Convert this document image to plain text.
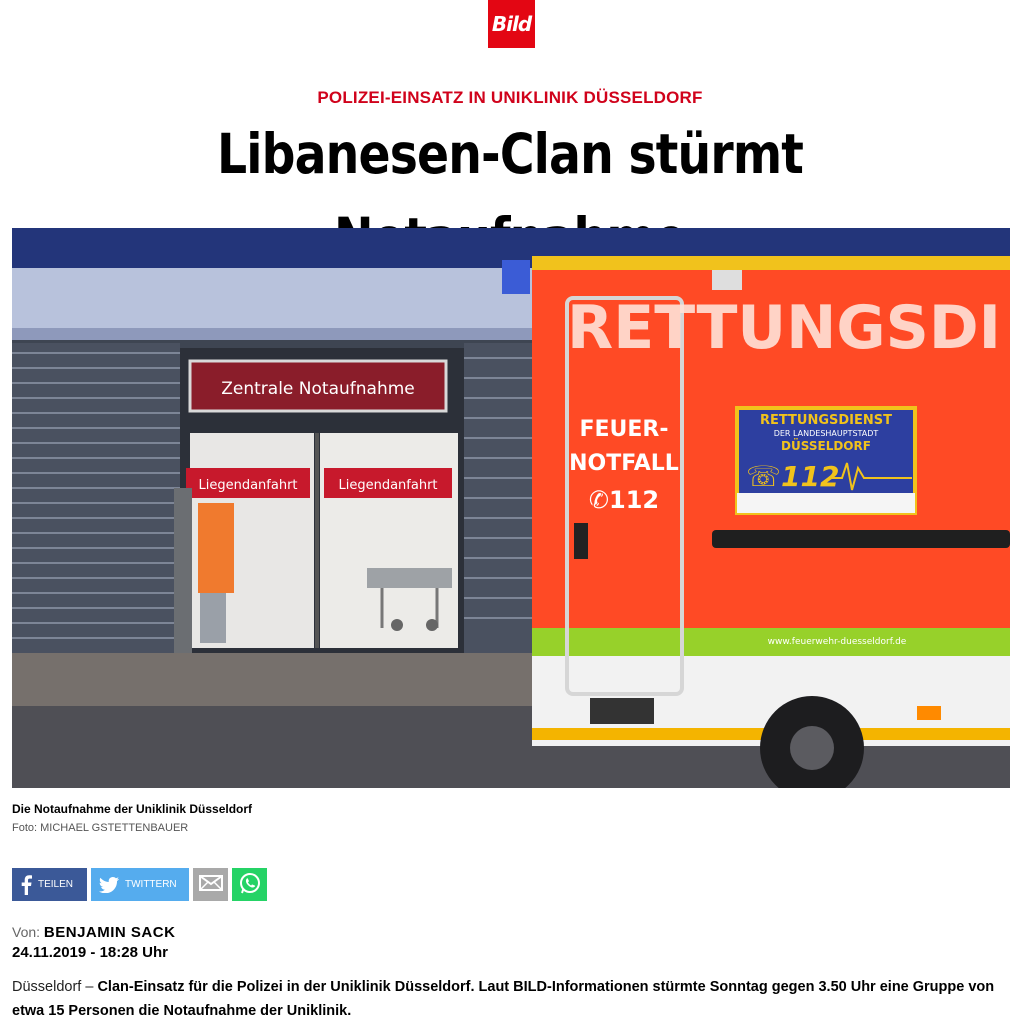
Bild
POLIZEI-EINSATZ IN UNIKLINIK DÜSSELDORF
Libanesen-Clan stürmt
Zentrale Notaufnahme
Liegendanfahrt	Liegendanfahrt
RETTUNGSDI
FEUER-
NOTFALL
✆112
RETTUNGSDIENST
DER LANDESHAUPTSTADT
DÜSSELDORF
☏112
www.feuerwehr-duesseldorf.de
Die Notaufnahme der Uniklinik Düsseldorf
Foto: MICHAEL GSTETTENBAUER
TEILEN	TWITTERN
Von: BENJAMIN SACK
24.11.2019 - 18:28 Uhr

Düsseldorf – Clan-Einsatz für die Polizei in der Uniklinik Düsseldorf. Laut BILD-Informationen stürmte Sonntag gegen 3.50 Uhr eine Gruppe von etwa 15 Personen die Notaufnahme der Uniklinik.
